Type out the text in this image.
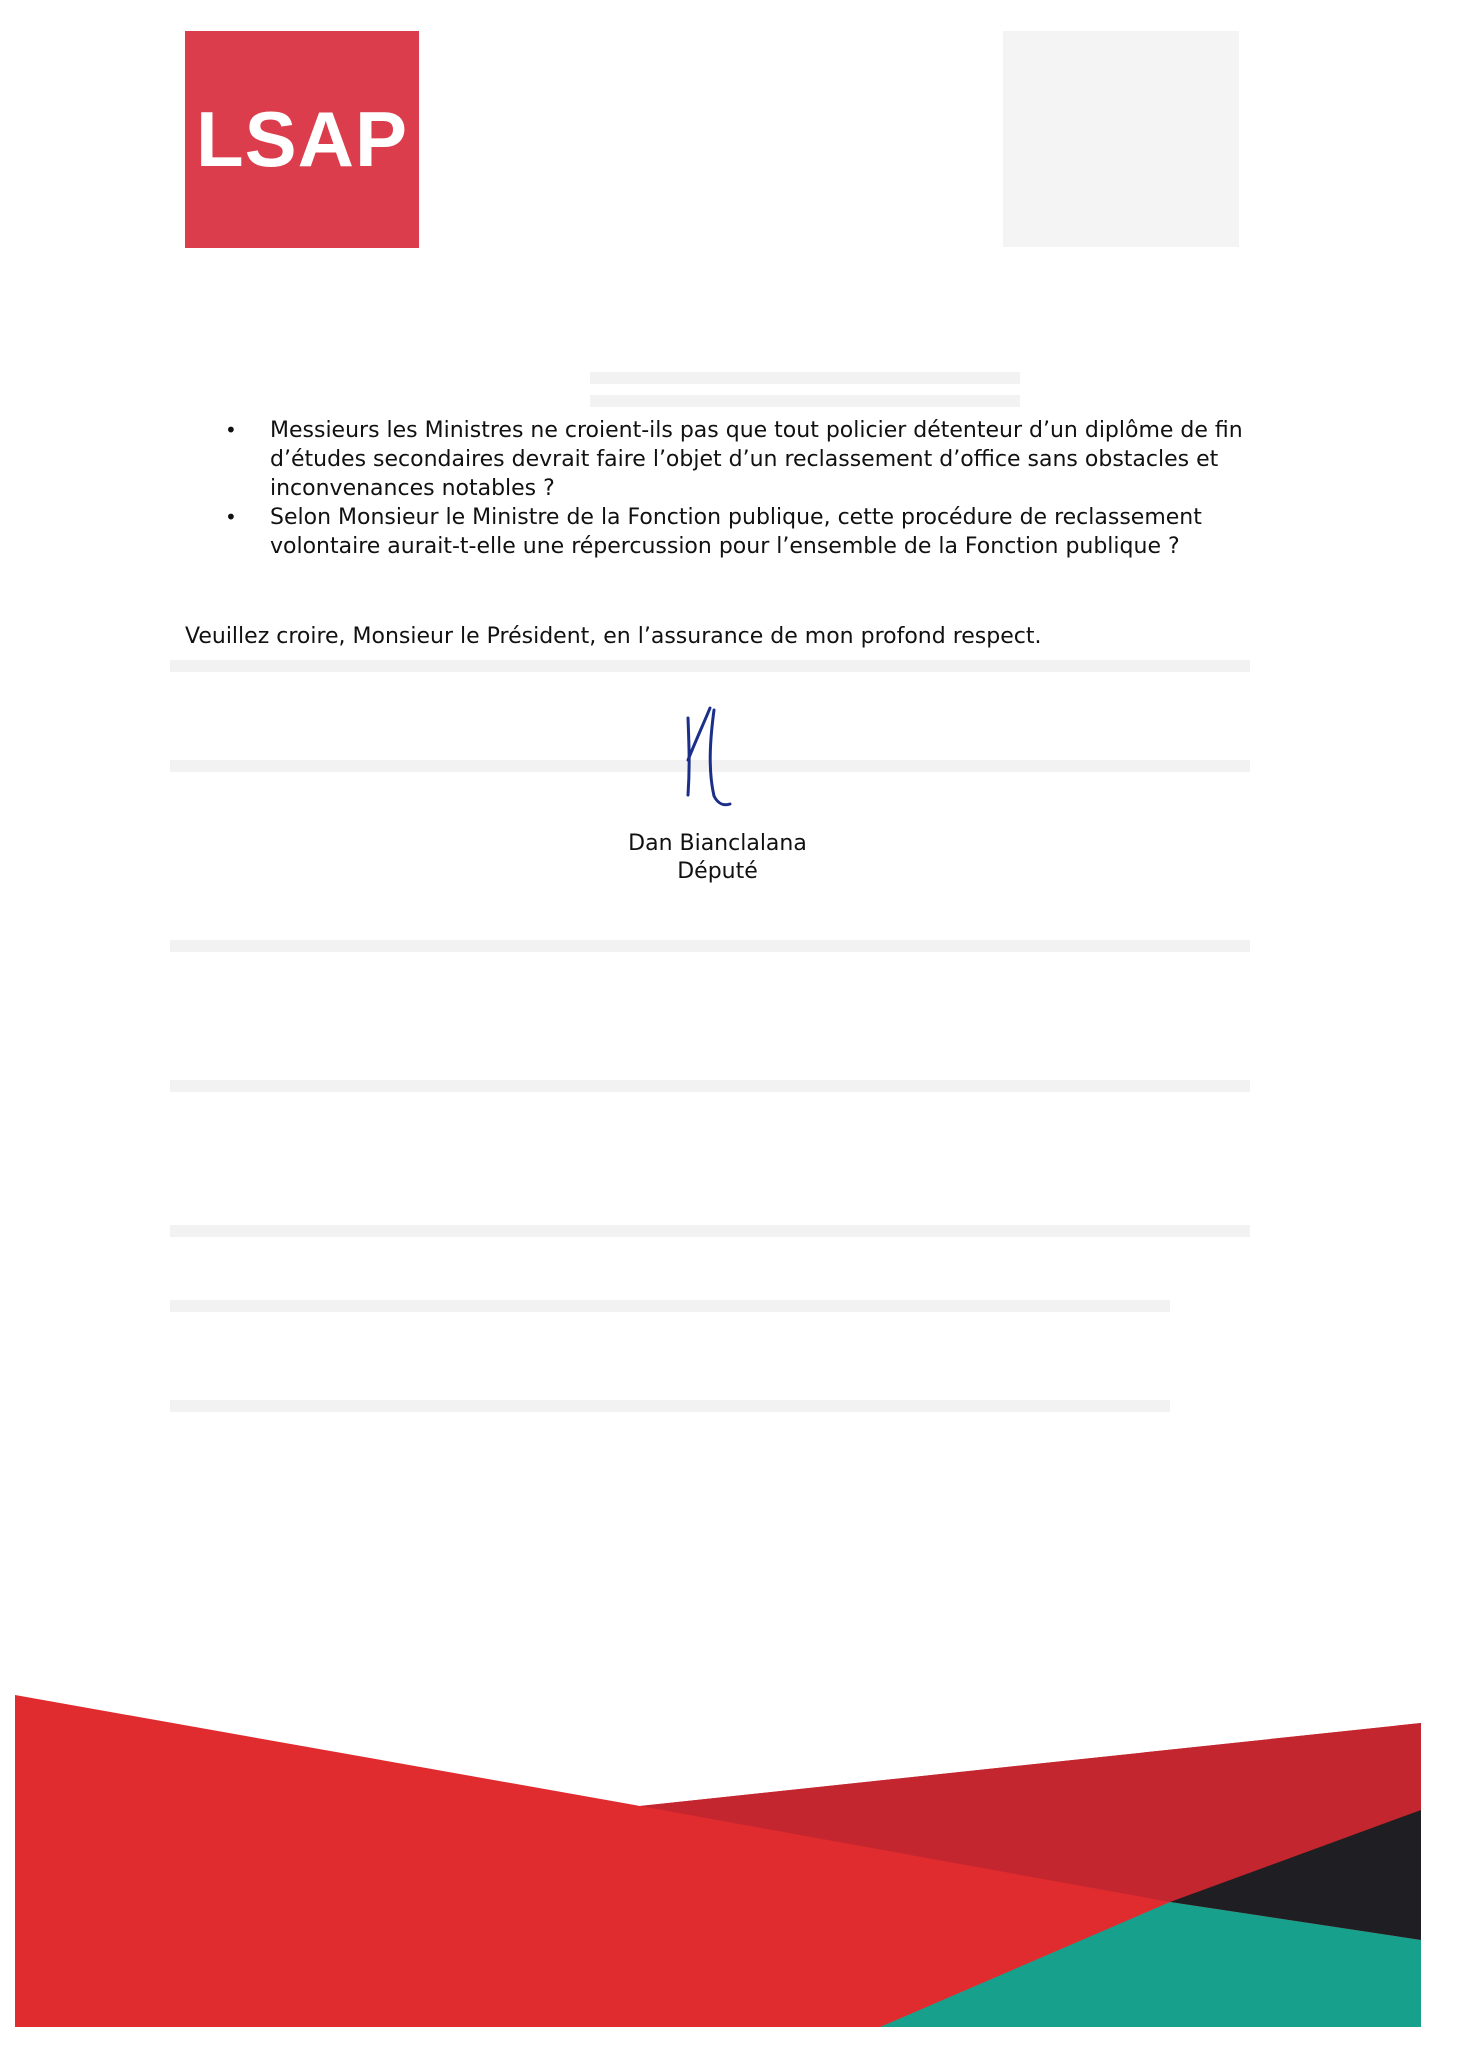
LSAP
• Messieurs les Ministres ne croient-ils pas que tout policier détenteur d’un diplôme de fin d’études secondaires devrait faire l’objet d’un reclassement d’office sans obstacles et inconvenances notables ?
• Selon Monsieur le Ministre de la Fonction publique, cette procédure de reclassement volontaire aurait-t-elle une répercussion pour l’ensemble de la Fonction publique ?

Veuillez croire, Monsieur le Président, en l’assurance de mon profond respect.

Dan Bianclalana
Député
